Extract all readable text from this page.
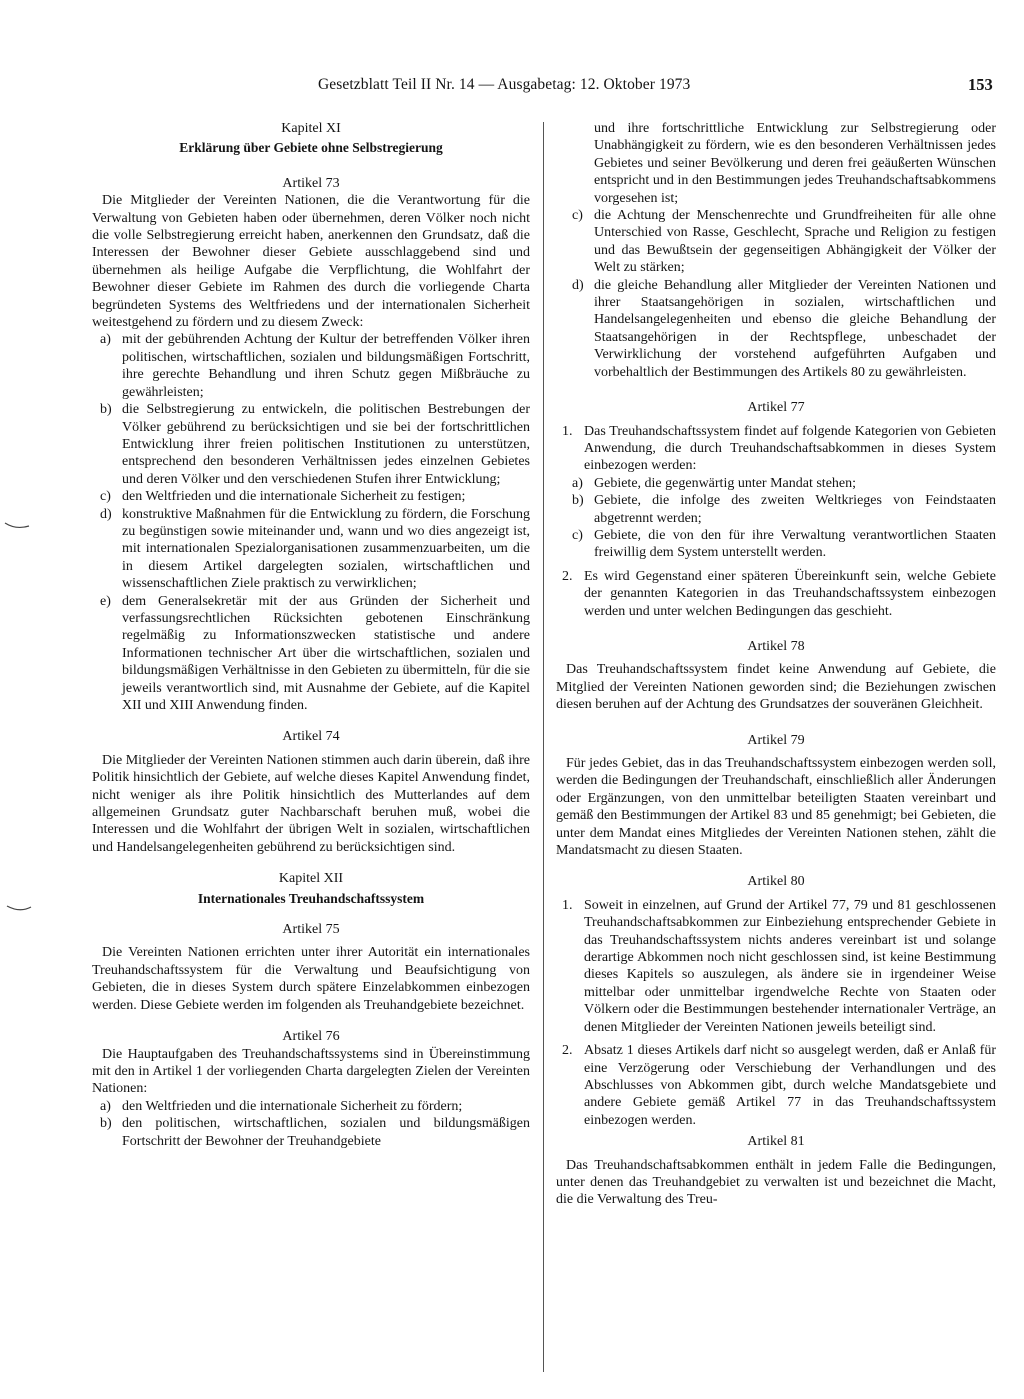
Gesetzblatt Teil II Nr. 14 — Ausgabetag: 12. Oktober 1973	153

Kapitel XI

Erklärung über Gebiete ohne Selbstregierung

Artikel 73

Die Mitglieder der Vereinten Nationen, die die Verantwortung für die Verwaltung von Gebieten haben oder übernehmen, deren Völker noch nicht die volle Selbstregierung erreicht haben, anerkennen den Grundsatz, daß die Interessen der Bewohner dieser Gebiete ausschlaggebend sind und übernehmen als heilige Aufgabe die Verpflichtung, die Wohlfahrt der Bewohner dieser Gebiete im Rahmen des durch die vorliegende Charta begründeten Systems des Weltfriedens und der internationalen Sicherheit weitestgehend zu fördern und zu diesem Zweck:

a) mit der gebührenden Achtung der Kultur der betreffenden Völker ihren politischen, wirtschaftlichen, sozialen und bildungsmäßigen Fortschritt, ihre gerechte Behandlung und ihren Schutz gegen Mißbräuche zu gewährleisten;
b) die Selbstregierung zu entwickeln, die politischen Bestrebungen der Völker gebührend zu berücksichtigen und sie bei der fortschrittlichen Entwicklung ihrer freien politischen Institutionen zu unterstützen, entsprechend den besonderen Verhältnissen jedes einzelnen Gebietes und deren Völker und den verschiedenen Stufen ihrer Entwicklung;
c) den Weltfrieden und die internationale Sicherheit zu festigen;
d) konstruktive Maßnahmen für die Entwicklung zu fördern, die Forschung zu begünstigen sowie miteinander und, wann und wo dies angezeigt ist, mit internationalen Spezialorganisationen zusammenzuarbeiten, um die in diesem Artikel dargelegten sozialen, wirtschaftlichen und wissenschaftlichen Ziele praktisch zu verwirklichen;
e) dem Generalsekretär mit der aus Gründen der Sicherheit und verfassungsrechtlichen Rücksichten gebotenen Einschränkung regelmäßig zu Informationszwecken statistische und andere Informationen technischer Art über die wirtschaftlichen, sozialen und bildungsmäßigen Verhältnisse in den Gebieten zu übermitteln, für die sie jeweils verantwortlich sind, mit Ausnahme der Gebiete, auf die Kapitel XII und XIII Anwendung finden.

Artikel 74

Die Mitglieder der Vereinten Nationen stimmen auch darin überein, daß ihre Politik hinsichtlich der Gebiete, auf welche dieses Kapitel Anwendung findet, nicht weniger als ihre Politik hinsichtlich des Mutterlandes auf dem allgemeinen Grundsatz guter Nachbarschaft beruhen muß, wobei die Interessen und die Wohlfahrt der übrigen Welt in sozialen, wirtschaftlichen und Handelsangelegenheiten gebührend zu berücksichtigen sind.

Kapitel XII

Internationales Treuhandschaftssystem

Artikel 75

Die Vereinten Nationen errichten unter ihrer Autorität ein internationales Treuhandschaftssystem für die Verwaltung und Beaufsichtigung von Gebieten, die in dieses System durch spätere Einzelabkommen einbezogen werden. Diese Gebiete werden im folgenden als Treuhandgebiete bezeichnet.

Artikel 76

Die Hauptaufgaben des Treuhandschaftssystems sind in Übereinstimmung mit den in Artikel 1 der vorliegenden Charta dargelegten Zielen der Vereinten Nationen:

a) den Weltfrieden und die internationale Sicherheit zu fördern;
b) den politischen, wirtschaftlichen, sozialen und bildungsmäßigen Fortschritt der Bewohner der Treuhandgebiete

und ihre fortschrittliche Entwicklung zur Selbstregierung oder Unabhängigkeit zu fördern, wie es den besonderen Verhältnissen jedes Gebietes und seiner Bevölkerung und deren frei geäußerten Wünschen entspricht und in den Bestimmungen jedes Treuhandschaftsabkommens vorgesehen ist;

c) die Achtung der Menschenrechte und Grundfreiheiten für alle ohne Unterschied von Rasse, Geschlecht, Sprache und Religion zu festigen und das Bewußtsein der gegenseitigen Abhängigkeit der Völker der Welt zu stärken;
d) die gleiche Behandlung aller Mitglieder der Vereinten Nationen und ihrer Staatsangehörigen in sozialen, wirtschaftlichen und Handelsangelegenheiten und ebenso die gleiche Behandlung der Staatsangehörigen in der Rechtspflege, unbeschadet der Verwirklichung der vorstehend aufgeführten Aufgaben und vorbehaltlich der Bestimmungen des Artikels 80 zu gewährleisten.

Artikel 77

1. Das Treuhandschaftssystem findet auf folgende Kategorien von Gebieten Anwendung, die durch Treuhandschaftsabkommen in dieses System einbezogen werden:
a) Gebiete, die gegenwärtig unter Mandat stehen;
b) Gebiete, die infolge des zweiten Weltkrieges von Feindstaaten abgetrennt werden;
c) Gebiete, die von den für ihre Verwaltung verantwortlichen Staaten freiwillig dem System unterstellt werden.
2. Es wird Gegenstand einer späteren Übereinkunft sein, welche Gebiete der genannten Kategorien in das Treuhandschaftssystem einbezogen werden und unter welchen Bedingungen das geschieht.

Artikel 78

Das Treuhandschaftssystem findet keine Anwendung auf Gebiete, die Mitglied der Vereinten Nationen geworden sind; die Beziehungen zwischen diesen beruhen auf der Achtung des Grundsatzes der souveränen Gleichheit.

Artikel 79

Für jedes Gebiet, das in das Treuhandschaftssystem einbezogen werden soll, werden die Bedingungen der Treuhandschaft, einschließlich aller Änderungen oder Ergänzungen, von den unmittelbar beteiligten Staaten vereinbart und gemäß den Bestimmungen der Artikel 83 und 85 genehmigt; bei Gebieten, die unter dem Mandat eines Mitgliedes der Vereinten Nationen stehen, zählt die Mandatsmacht zu diesen Staaten.

Artikel 80

1. Soweit in einzelnen, auf Grund der Artikel 77, 79 und 81 geschlossenen Treuhandschaftsabkommen zur Einbeziehung entsprechender Gebiete in das Treuhandschaftssystem nichts anderes vereinbart ist und solange derartige Abkommen noch nicht geschlossen sind, ist keine Bestimmung dieses Kapitels so auszulegen, als ändere sie in irgendeiner Weise mittelbar oder unmittelbar irgendwelche Rechte von Staaten oder Völkern oder die Bestimmungen bestehender internationaler Verträge, an denen Mitglieder der Vereinten Nationen jeweils beteiligt sind.
2. Absatz 1 dieses Artikels darf nicht so ausgelegt werden, daß er Anlaß für eine Verzögerung oder Verschiebung der Verhandlungen und des Abschlusses von Abkommen gibt, durch welche Mandatsgebiete und andere Gebiete gemäß Artikel 77 in das Treuhandschaftssystem einbezogen werden.

Artikel 81

Das Treuhandschaftsabkommen enthält in jedem Falle die Bedingungen, unter denen das Treuhandgebiet zu verwalten ist und bezeichnet die Macht, die die Verwaltung des Treu-
